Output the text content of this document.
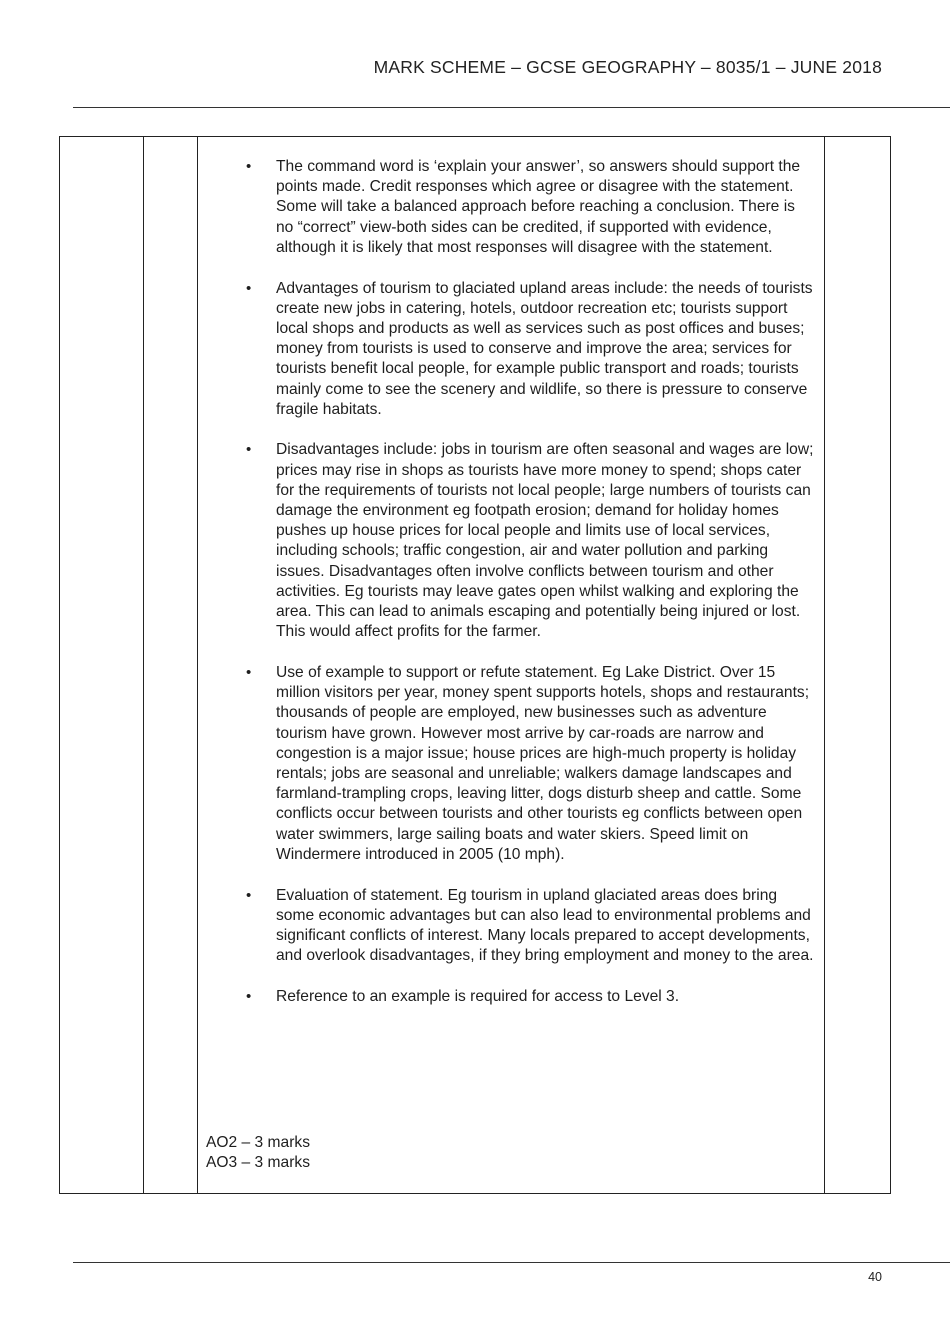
MARK SCHEME – GCSE GEOGRAPHY – 8035/1 – JUNE 2018

• The command word is ‘explain your answer’, so answers should support the points made. Credit responses which agree or disagree with the statement. Some will take a balanced approach before reaching a conclusion. There is no “correct” view-both sides can be credited, if supported with evidence, although it is likely that most responses will disagree with the statement.
• Advantages of tourism to glaciated upland areas include: the needs of tourists create new jobs in catering, hotels, outdoor recreation etc; tourists support local shops and products as well as services such as post offices and buses; money from tourists is used to conserve and improve the area; services for tourists benefit local people, for example public transport and roads; tourists mainly come to see the scenery and wildlife, so there is pressure to conserve fragile habitats.
• Disadvantages include: jobs in tourism are often seasonal and wages are low; prices may rise in shops as tourists have more money to spend; shops cater for the requirements of tourists not local people; large numbers of tourists can damage the environment eg footpath erosion; demand for holiday homes pushes up house prices for local people and limits use of local services, including schools; traffic congestion, air and water pollution and parking issues. Disadvantages often involve conflicts between tourism and other activities. Eg tourists may leave gates open whilst walking and exploring the area. This can lead to animals escaping and potentially being injured or lost. This would affect profits for the farmer.
• Use of example to support or refute statement. Eg Lake District. Over 15 million visitors per year, money spent supports hotels, shops and restaurants; thousands of people are employed, new businesses such as adventure tourism have grown. However most arrive by car-roads are narrow and congestion is a major issue; house prices are high-much property is holiday rentals; jobs are seasonal and unreliable; walkers damage landscapes and farmland-trampling crops, leaving litter, dogs disturb sheep and cattle. Some conflicts occur between tourists and other tourists eg conflicts between open water swimmers, large sailing boats and water skiers. Speed limit on Windermere introduced in 2005 (10 mph).
• Evaluation of statement. Eg tourism in upland glaciated areas does bring some economic advantages but can also lead to environmental problems and significant conflicts of interest. Many locals prepared to accept developments, and overlook disadvantages, if they bring employment and money to the area.
• Reference to an example is required for access to Level 3.
AO2 – 3 marks
AO3 – 3 marks

40
